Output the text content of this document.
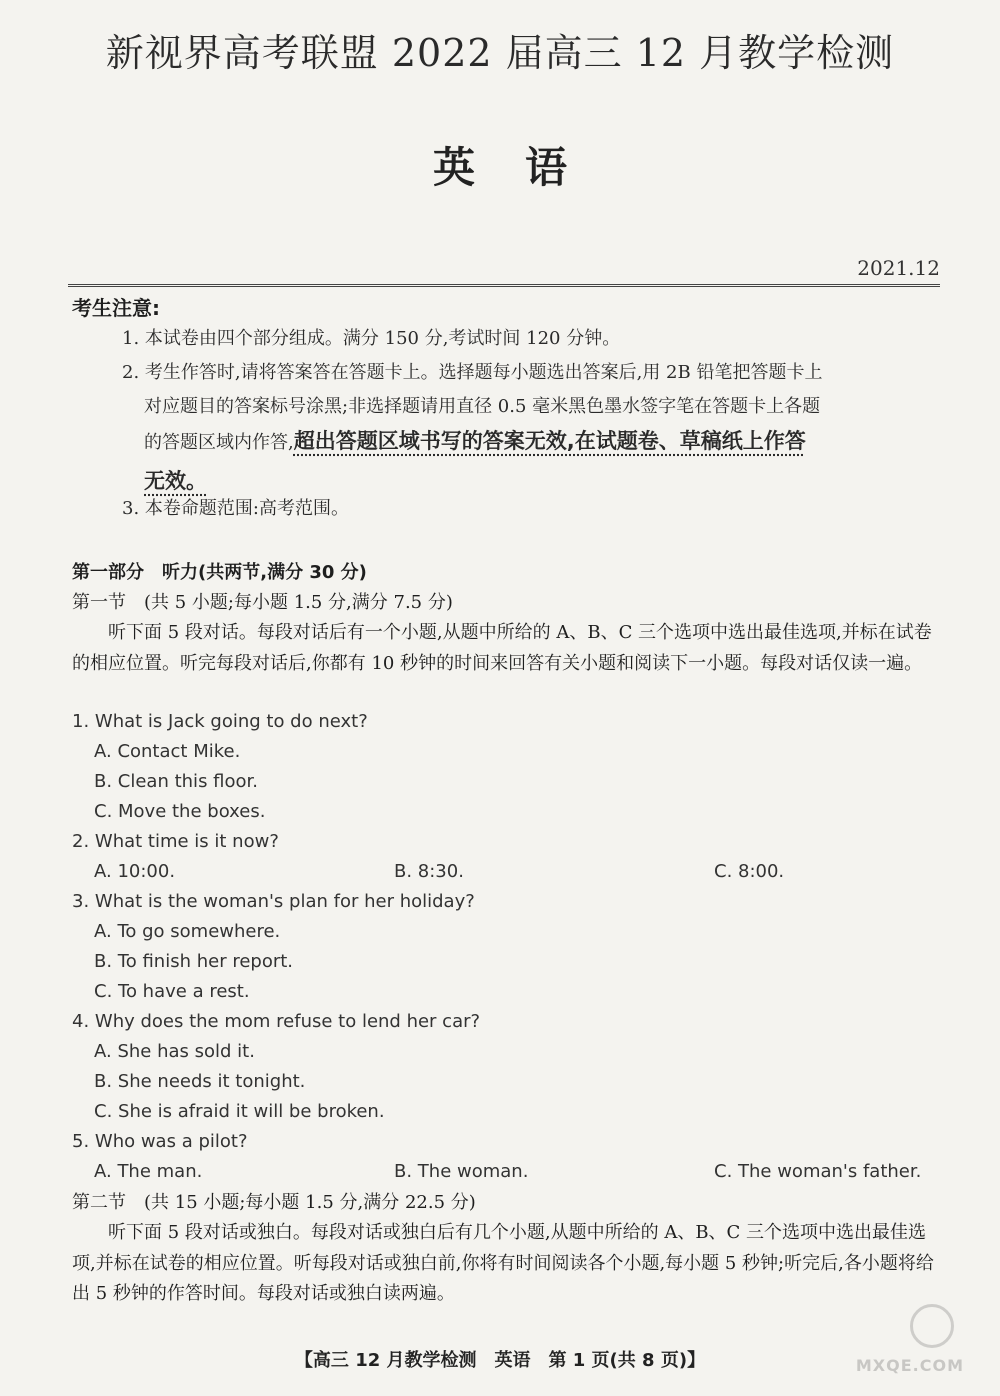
新视界高考联盟 2022 届高三 12 月教学检测
英语
2021.12
考生注意:
1. 本试卷由四个部分组成。满分 150 分,考试时间 120 分钟。
2. 考生作答时,请将答案答在答题卡上。选择题每小题选出答案后,用 2B 铅笔把答题卡上
对应题目的答案标号涂黑;非选择题请用直径 0.5 毫米黑色墨水签字笔在答题卡上各题
的答题区域内作答,超出答题区域书写的答案无效,在试题卷、草稿纸上作答
无效。
3. 本卷命题范围:高考范围。
第一部分　听力(共两节,满分 30 分)
第一节　(共 5 小题;每小题 1.5 分,满分 7.5 分)
听下面 5 段对话。每段对话后有一个小题,从题中所给的 A、B、C 三个选项中选出最佳选项,并标在试卷的相应位置。听完每段对话后,你都有 10 秒钟的时间来回答有关小题和阅读下一小题。每段对话仅读一遍。
1. What is Jack going to do next?
A. Contact Mike.
B. Clean this floor.
C. Move the boxes.
2. What time is it now?
A. 10:00.	B. 8:30.	C. 8:00.
3. What is the woman's plan for her holiday?
A. To go somewhere.
B. To finish her report.
C. To have a rest.
4. Why does the mom refuse to lend her car?
A. She has sold it.
B. She needs it tonight.
C. She is afraid it will be broken.
5. Who was a pilot?
A. The man.	B. The woman.	C. The woman's father.
第二节　(共 15 小题;每小题 1.5 分,满分 22.5 分)
听下面 5 段对话或独白。每段对话或独白后有几个小题,从题中所给的 A、B、C 三个选项中选出最佳选项,并标在试卷的相应位置。听每段对话或独白前,你将有时间阅读各个小题,每小题 5 秒钟;听完后,各小题将给出 5 秒钟的作答时间。每段对话或独白读两遍。
【高三 12 月教学检测　英语　第 1 页(共 8 页)】	MXQE.COM
